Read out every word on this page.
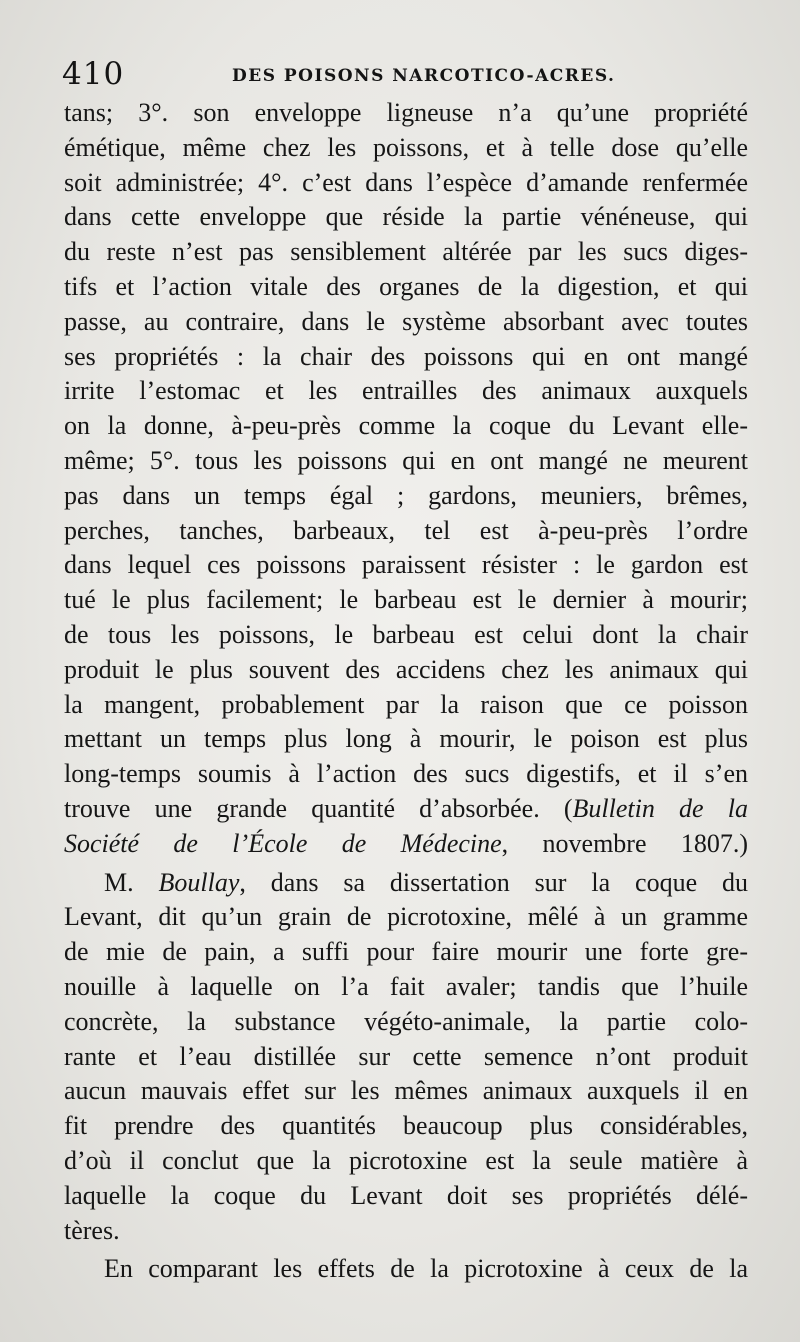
410	DES POISONS NARCOTICO-ACRES.
tans; 3°. son enveloppe ligneuse n’a qu’une propriété
émétique, même chez les poissons, et à telle dose qu’elle
soit administrée; 4°. c’est dans l’espèce d’amande renfermée
dans cette enveloppe que réside la partie vénéneuse, qui
du reste n’est pas sensiblement altérée par les sucs diges-
tifs et l’action vitale des organes de la digestion, et qui
passe, au contraire, dans le système absorbant avec toutes
ses propriétés : la chair des poissons qui en ont mangé
irrite l’estomac et les entrailles des animaux auxquels
on la donne, à-peu-près comme la coque du Levant elle-
même; 5°. tous les poissons qui en ont mangé ne meurent
pas dans un temps égal ; gardons, meuniers, brêmes,
perches, tanches, barbeaux, tel est à-peu-près l’ordre
dans lequel ces poissons paraissent résister : le gardon est
tué le plus facilement; le barbeau est le dernier à mourir;
de tous les poissons, le barbeau est celui dont la chair
produit le plus souvent des accidens chez les animaux qui
la mangent, probablement par la raison que ce poisson
mettant un temps plus long à mourir, le poison est plus
long-temps soumis à l’action des sucs digestifs, et il s’en
trouve une grande quantité d’absorbée. (Bulletin de la
Société de l’École de Médecine, novembre 1807.)
M. Boullay, dans sa dissertation sur la coque du
Levant, dit qu’un grain de picrotoxine, mêlé à un gramme
de mie de pain, a suffi pour faire mourir une forte gre-
nouille à laquelle on l’a fait avaler; tandis que l’huile
concrète, la substance végéto-animale, la partie colo-
rante et l’eau distillée sur cette semence n’ont produit
aucun mauvais effet sur les mêmes animaux auxquels il en
fit prendre des quantités beaucoup plus considérables,
d’où il conclut que la picrotoxine est la seule matière à
laquelle la coque du Levant doit ses propriétés délé-
tères.
En comparant les effets de la picrotoxine à ceux de la
